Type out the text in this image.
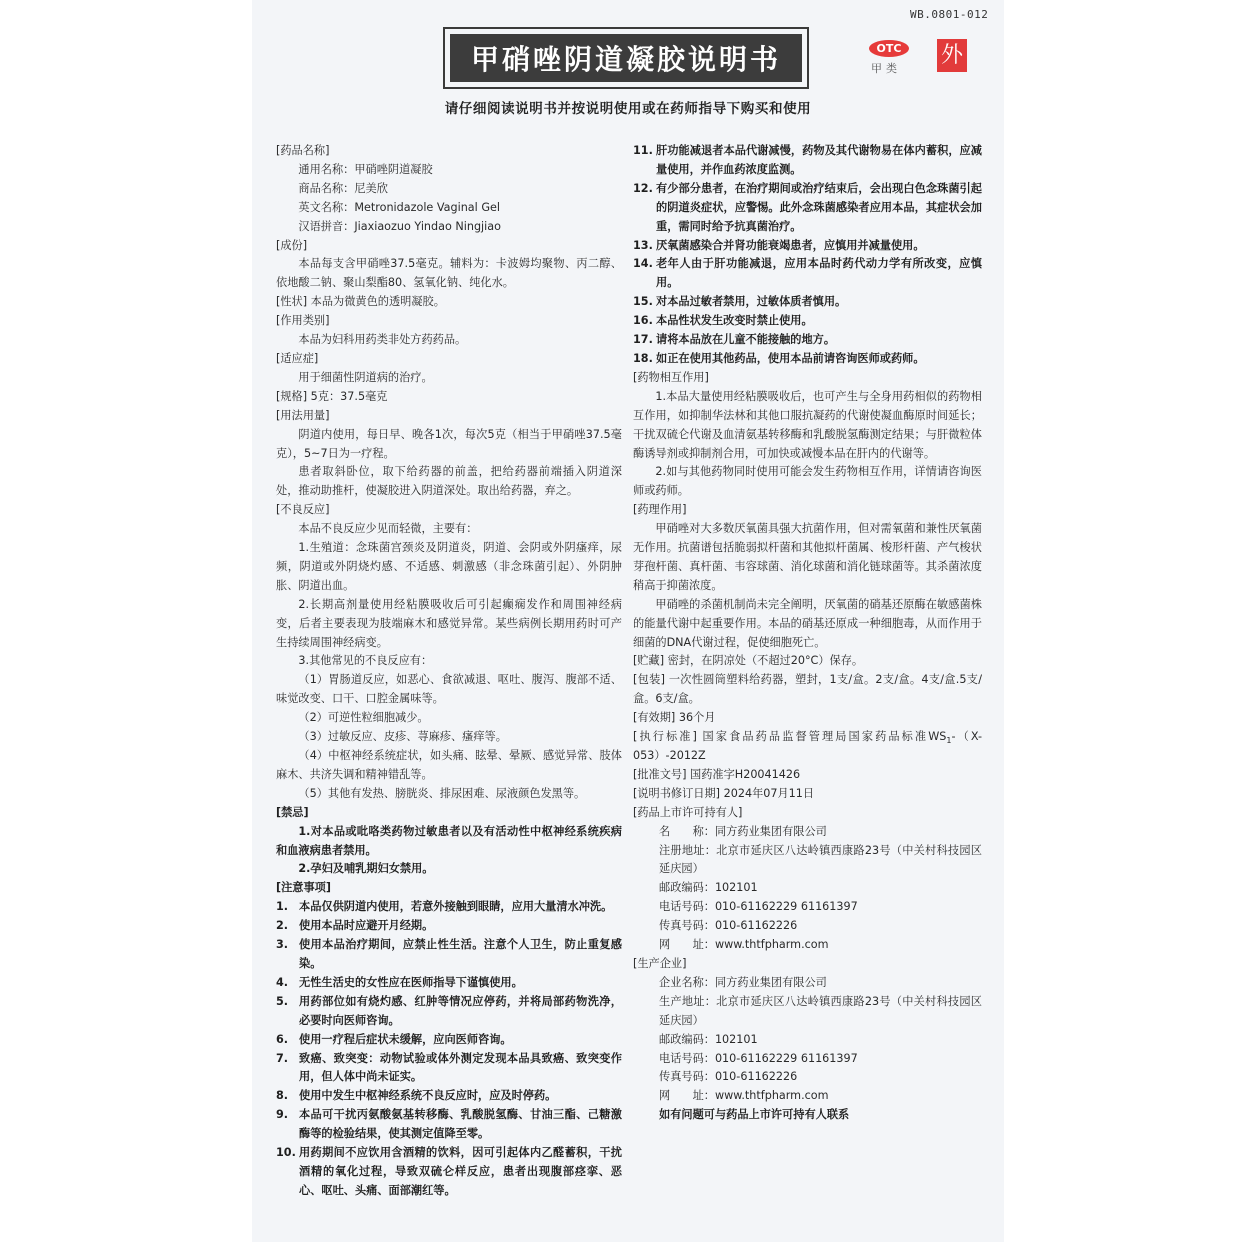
WB.0801-012
甲硝唑阴道凝胶说明书	OTC
甲类
外
请仔细阅读说明书并按说明使用或在药师指导下购买和使用

[药品名称]

通用名称：甲硝唑阴道凝胶

商品名称：尼美欣

英文名称：Metronidazole Vaginal Gel

汉语拼音：Jiaxiaozuo Yindao Ningjiao

[成份]

本品每支含甲硝唑37.5毫克。辅料为：卡波姆均聚物、丙二醇、依地酸二钠、聚山梨酯80、氢氧化钠、纯化水。

[性状] 本品为微黄色的透明凝胶。

[作用类别]

本品为妇科用药类非处方药药品。

[适应症]

用于细菌性阴道病的治疗。

[规格] 5克：37.5毫克

[用法用量]

阴道内使用，每日早、晚各1次，每次5克（相当于甲硝唑37.5毫克），5~7日为一疗程。

患者取斜卧位，取下给药器的前盖，把给药器前端插入阴道深处，推动助推杆，使凝胶进入阴道深处。取出给药器，弃之。

[不良反应]

本品不良反应少见而轻微，主要有：

1.生殖道：念珠菌宫颈炎及阴道炎，阴道、会阴或外阴瘙痒，尿频，阴道或外阴烧灼感、不适感、刺激感（非念珠菌引起）、外阴肿胀、阴道出血。

2.长期高剂量使用经粘膜吸收后可引起癫痫发作和周围神经病变，后者主要表现为肢端麻木和感觉异常。某些病例长期用药时可产生持续周围神经病变。

3.其他常见的不良反应有：

（1）胃肠道反应，如恶心、食欲减退、呕吐、腹泻、腹部不适、味觉改变、口干、口腔金属味等。

（2）可逆性粒细胞减少。

（3）过敏反应、皮疹、荨麻疹、瘙痒等。

（4）中枢神经系统症状，如头痛、眩晕、晕厥、感觉异常、肢体麻木、共济失调和精神错乱等。

（5）其他有发热、膀胱炎、排尿困难、尿液颜色发黑等。

[禁忌]

1.对本品或吡咯类药物过敏患者以及有活动性中枢神经系统疾病和血液病患者禁用。

2.孕妇及哺乳期妇女禁用。

[注意事项]

1. 本品仅供阴道内使用，若意外接触到眼睛，应用大量清水冲洗。
2. 使用本品时应避开月经期。
3. 使用本品治疗期间，应禁止性生活。注意个人卫生，防止重复感染。
4. 无性生活史的女性应在医师指导下谨慎使用。
5. 用药部位如有烧灼感、红肿等情况应停药，并将局部药物洗净，必要时向医师咨询。
6. 使用一疗程后症状未缓解，应向医师咨询。
7. 致癌、致突变：动物试验或体外测定发现本品具致癌、致突变作用，但人体中尚未证实。
8. 使用中发生中枢神经系统不良反应时，应及时停药。
9. 本品可干扰丙氨酸氨基转移酶、乳酸脱氢酶、甘油三酯、己糖激酶等的检验结果，使其测定值降至零。
10. 用药期间不应饮用含酒精的饮料，因可引起体内乙醛蓄积，干扰酒精的氧化过程，导致双硫仑样反应，患者出现腹部痉挛、恶心、呕吐、头痛、面部潮红等。
11. 肝功能减退者本品代谢减慢，药物及其代谢物易在体内蓄积，应减量使用，并作血药浓度监测。
12. 有少部分患者，在治疗期间或治疗结束后，会出现白色念珠菌引起的阴道炎症状，应警惕。此外念珠菌感染者应用本品，其症状会加重，需同时给予抗真菌治疗。
13. 厌氧菌感染合并肾功能衰竭患者，应慎用并减量使用。
14. 老年人由于肝功能减退，应用本品时药代动力学有所改变，应慎用。
15. 对本品过敏者禁用，过敏体质者慎用。
16. 本品性状发生改变时禁止使用。
17. 请将本品放在儿童不能接触的地方。
18. 如正在使用其他药品，使用本品前请咨询医师或药师。

[药物相互作用]

1.本品大量使用经粘膜吸收后，也可产生与全身用药相似的药物相互作用，如抑制华法林和其他口服抗凝药的代谢使凝血酶原时间延长；干扰双硫仑代谢及血清氨基转移酶和乳酸脱氢酶测定结果；与肝微粒体酶诱导剂或抑制剂合用，可加快或减慢本品在肝内的代谢等。

2.如与其他药物同时使用可能会发生药物相互作用，详情请咨询医师或药师。

[药理作用]

甲硝唑对大多数厌氧菌具强大抗菌作用，但对需氧菌和兼性厌氧菌无作用。抗菌谱包括脆弱拟杆菌和其他拟杆菌属、梭形杆菌、产气梭状芽孢杆菌、真杆菌、韦容球菌、消化球菌和消化链球菌等。其杀菌浓度稍高于抑菌浓度。

甲硝唑的杀菌机制尚未完全阐明，厌氧菌的硝基还原酶在敏感菌株的能量代谢中起重要作用。本品的硝基还原成一种细胞毒，从而作用于细菌的DNA代谢过程，促使细胞死亡。

[贮藏] 密封，在阴凉处（不超过20°C）保存。

[包装] 一次性圆筒塑料给药器，塑封，1支/盒。2支/盒。4支/盒.5支/盒。6支/盒。

[有效期] 36个月

[执行标准] 国家食品药品监督管理局国家药品标准$WS_1-(X-053)-2012Z$

[批准文号] 国药准字H20041426

[说明书修订日期] 2024年07月11日

[药品上市许可持有人]

名　　称：同方药业集团有限公司

注册地址：北京市延庆区八达岭镇西康路23号（中关村科技园区延庆园）

邮政编码：102101

电话号码：010-61162229 61161397

传真号码：010-61162226

网　　址：www.thtfpharm.com

[生产企业]

企业名称：同方药业集团有限公司

生产地址：北京市延庆区八达岭镇西康路23号（中关村科技园区延庆园）

邮政编码：102101

电话号码：010-61162229 61161397

传真号码：010-61162226

网　　址：www.thtfpharm.com

如有问题可与药品上市许可持有人联系
